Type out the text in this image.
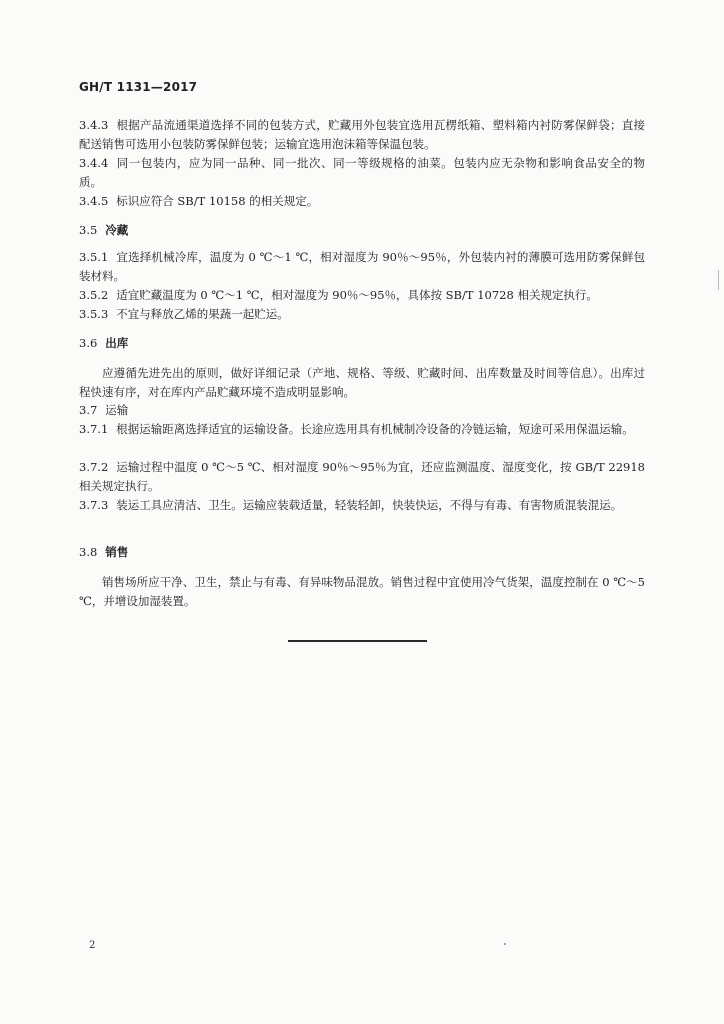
GH/T 1131—2017

3.4.3 根据产品流通渠道选择不同的包装方式，贮藏用外包装宜选用瓦楞纸箱、塑料箱内衬防雾保鲜袋；直接配送销售可选用小包装防雾保鲜包装；运输宜选用泡沫箱等保温包装。

3.4.4 同一包装内，应为同一品种、同一批次、同一等级规格的油菜。包装内应无杂物和影响食品安全的物质。

3.4.5 标识应符合 SB/T 10158 的相关规定。

3.5 冷藏

3.5.1 宜选择机械冷库，温度为 0 ℃～1 ℃，相对湿度为 90％～95％，外包装内衬的薄膜可选用防雾保鲜包装材料。

3.5.2 适宜贮藏温度为 0 ℃～1 ℃，相对湿度为 90％～95％，具体按 SB/T 10728 相关规定执行。

3.5.3 不宜与释放乙烯的果蔬一起贮运。

3.6 出库

应遵循先进先出的原则，做好详细记录（产地、规格、等级、贮藏时间、出库数量及时间等信息）。出库过程快速有序，对在库内产品贮藏环境不造成明显影响。

3.7 运输

3.7.1 根据运输距离选择适宜的运输设备。长途应选用具有机械制冷设备的冷链运输，短途可采用保温运输。

3.7.2 运输过程中温度 0 ℃～5 ℃、相对湿度 90％～95％为宜，还应监测温度、湿度变化，按 GB/T 22918 相关规定执行。

3.7.3 装运工具应清洁、卫生。运输应装载适量，轻装轻卸，快装快运，不得与有毒、有害物质混装混运。

3.8 销售

销售场所应干净、卫生，禁止与有毒、有异味物品混放。销售过程中宜使用冷气货架，温度控制在 0 ℃～5 ℃，并增设加湿装置。

2
